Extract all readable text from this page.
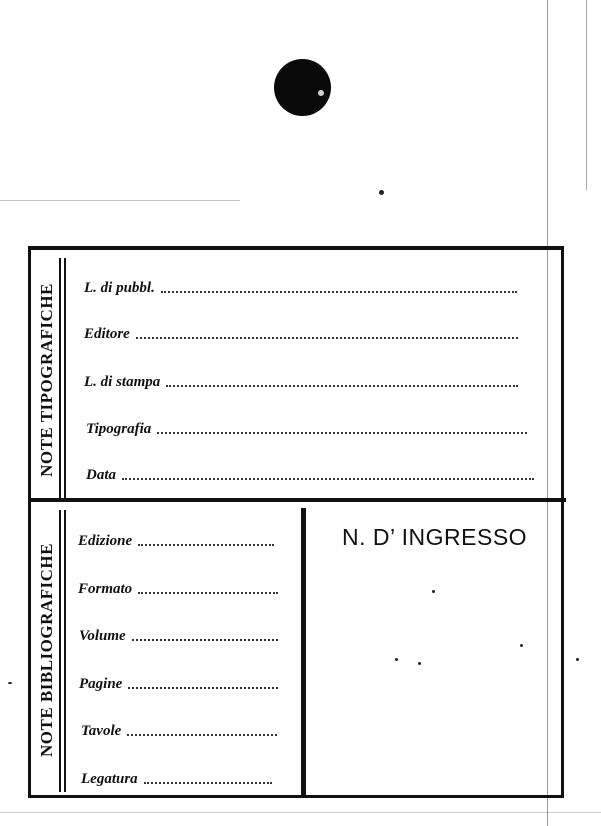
NOTE TIPOGRAFICHE
NOTE BIBLIOGRAFICHE
L. di pubbl.
Editore
L. di stampa
Tipografia
Data
Edizione
Formato
Volume
Pagine
Tavole
Legatura
N. D’ INGRESSO
